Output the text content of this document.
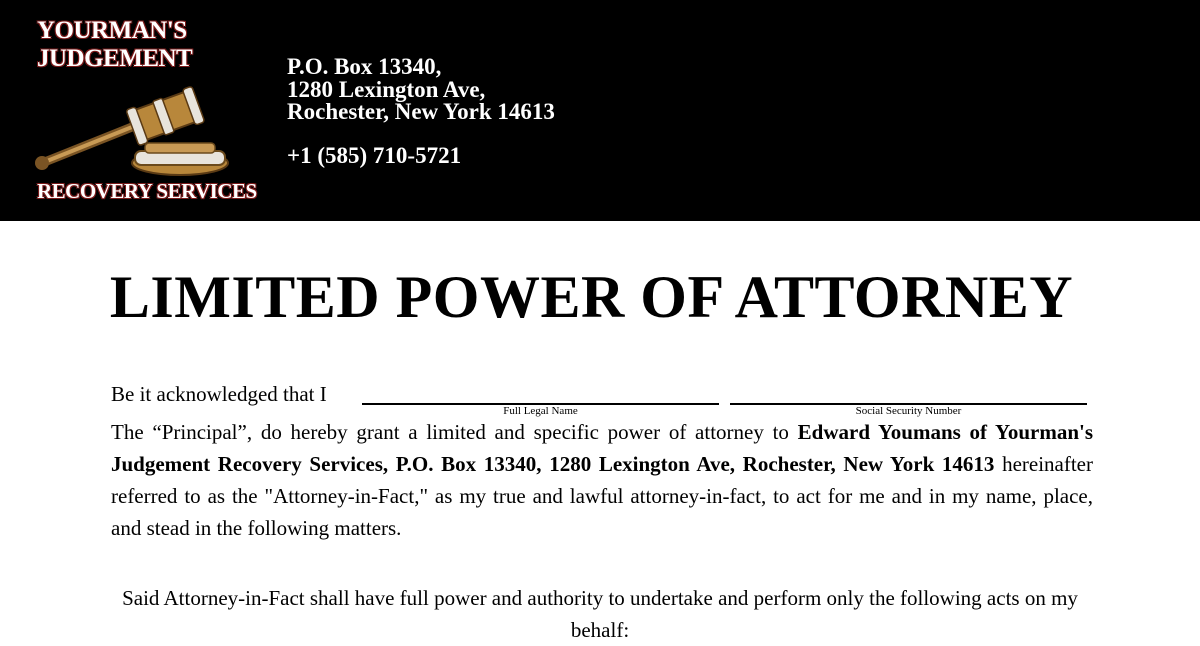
YOURMAN'S
JUDGEMENT
RECOVERY SERVICES
P.O. Box 13340,
1280 Lexington Ave,
Rochester, New York 14613
+1 (585) 710-5721
LIMITED POWER OF ATTORNEY
Be it acknowledged that I
Full Legal Name	Social Security Number
The “Principal”, do hereby grant a limited and specific power of attorney to Edward Youmans of Yourman's Judgement Recovery Services, P.O. Box 13340, 1280 Lexington Ave, Rochester, New York 14613 hereinafter referred to as the "Attorney-in-Fact," as my true and lawful attorney-in-fact, to act for me and in my name, place, and stead in the following matters.
Said Attorney-in-Fact shall have full power and authority to undertake and perform only the following acts on my behalf:
